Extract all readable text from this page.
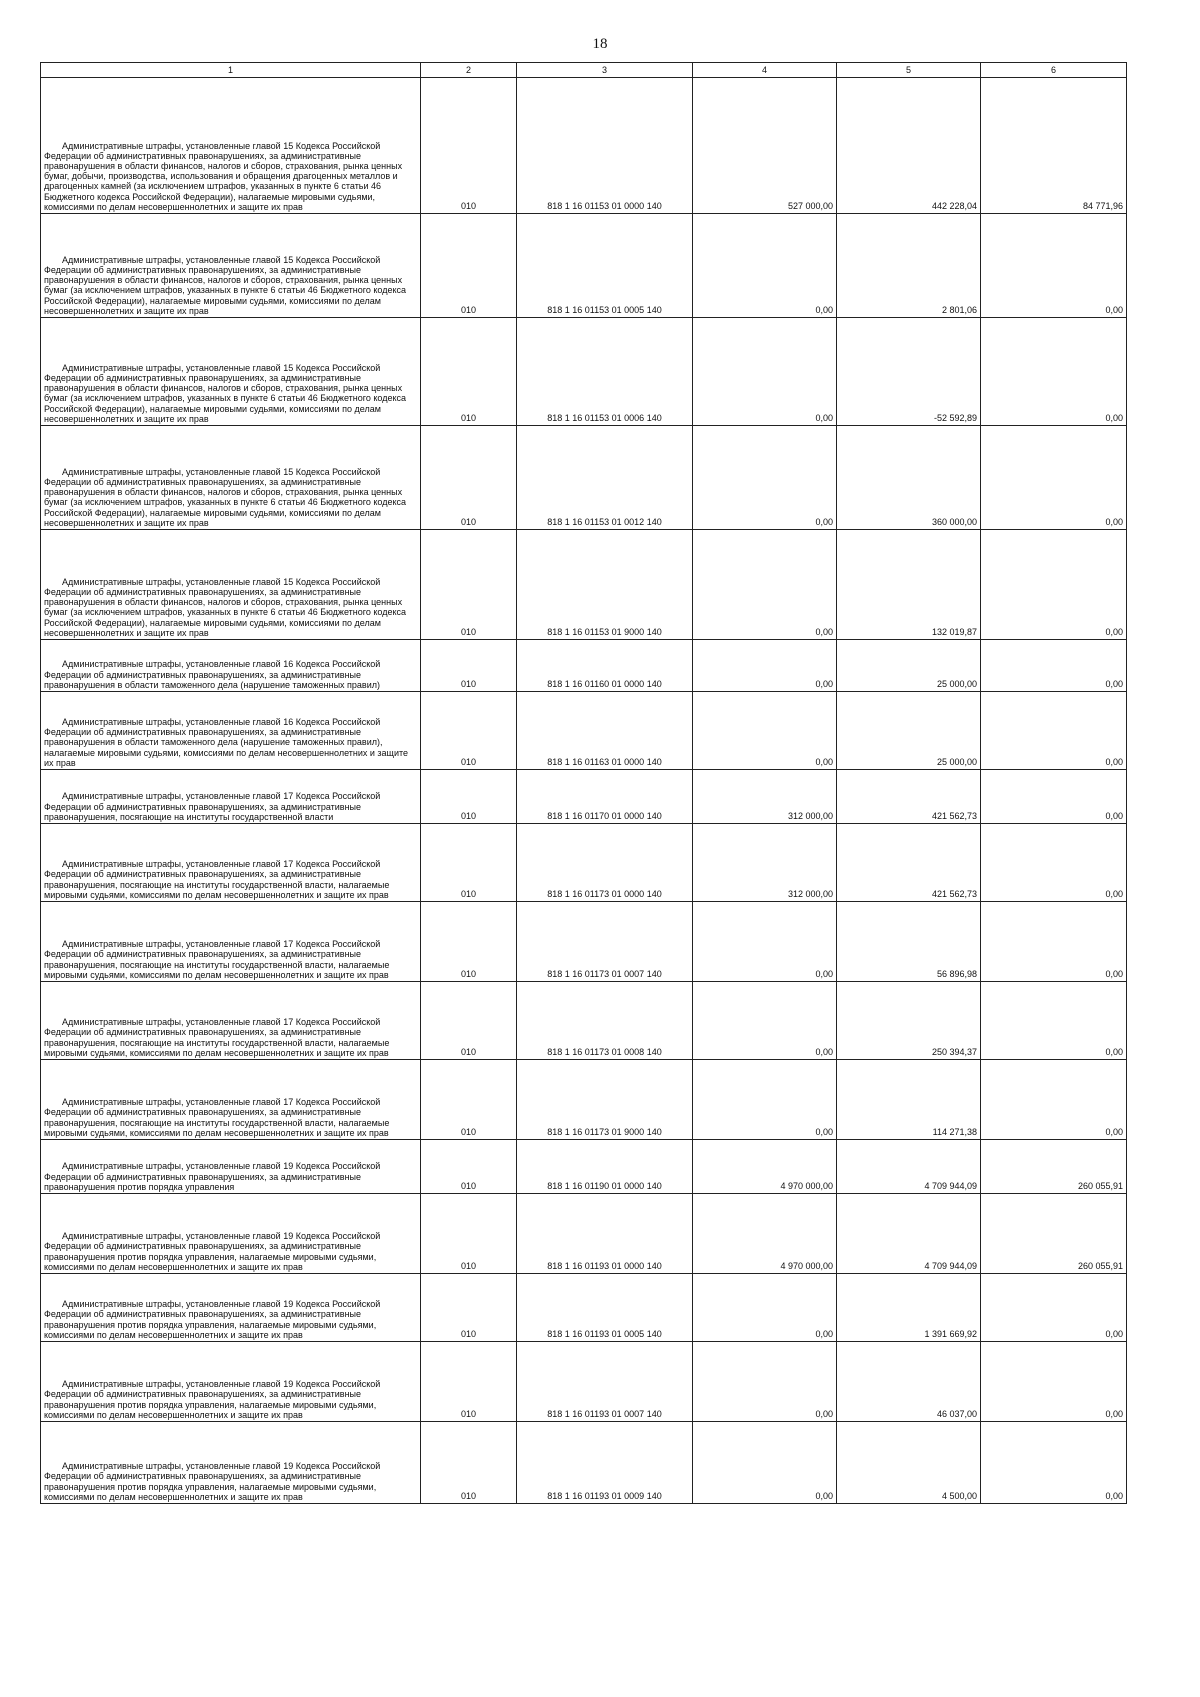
18
1	2	3	4	5	6
Административные штрафы, установленные главой 15 Кодекса Российской Федерации об административных правонарушениях, за административные правонарушения в области финансов, налогов и сборов, страхования, рынка ценных бумаг, добычи, производства, использования и обращения драгоценных металлов и драгоценных камней (за исключением штрафов, указанных в пункте 6 статьи 46 Бюджетного кодекса Российской Федерации), налагаемые мировыми судьями, комиссиями по делам несовершеннолетних и защите их прав	010	818 1 16 01153 01 0000 140	527 000,00	442 228,04	84 771,96
Административные штрафы, установленные главой 15 Кодекса Российской Федерации об административных правонарушениях, за административные правонарушения в области финансов, налогов и сборов, страхования, рынка ценных бумаг (за исключением штрафов, указанных в пункте 6 статьи 46 Бюджетного кодекса Российской Федерации), налагаемые мировыми судьями, комиссиями по делам несовершеннолетних и защите их прав	010	818 1 16 01153 01 0005 140	0,00	2 801,06	0,00
Административные штрафы, установленные главой 15 Кодекса Российской Федерации об административных правонарушениях, за административные правонарушения в области финансов, налогов и сборов, страхования, рынка ценных бумаг (за исключением штрафов, указанных в пункте 6 статьи 46 Бюджетного кодекса Российской Федерации), налагаемые мировыми судьями, комиссиями по делам несовершеннолетних и защите их прав	010	818 1 16 01153 01 0006 140	0,00	-52 592,89	0,00
Административные штрафы, установленные главой 15 Кодекса Российской Федерации об административных правонарушениях, за административные правонарушения в области финансов, налогов и сборов, страхования, рынка ценных бумаг (за исключением штрафов, указанных в пункте 6 статьи 46 Бюджетного кодекса Российской Федерации), налагаемые мировыми судьями, комиссиями по делам несовершеннолетних и защите их прав	010	818 1 16 01153 01 0012 140	0,00	360 000,00	0,00
Административные штрафы, установленные главой 15 Кодекса Российской Федерации об административных правонарушениях, за административные правонарушения в области финансов, налогов и сборов, страхования, рынка ценных бумаг (за исключением штрафов, указанных в пункте 6 статьи 46 Бюджетного кодекса Российской Федерации), налагаемые мировыми судьями, комиссиями по делам несовершеннолетних и защите их прав	010	818 1 16 01153 01 9000 140	0,00	132 019,87	0,00
Административные штрафы, установленные главой 16 Кодекса Российской Федерации об административных правонарушениях, за административные правонарушения в области таможенного дела (нарушение таможенных правил)	010	818 1 16 01160 01 0000 140	0,00	25 000,00	0,00
Административные штрафы, установленные главой 16 Кодекса Российской Федерации об административных правонарушениях, за административные правонарушения в области таможенного дела (нарушение таможенных правил), налагаемые мировыми судьями, комиссиями по делам несовершеннолетних и защите их прав	010	818 1 16 01163 01 0000 140	0,00	25 000,00	0,00
Административные штрафы, установленные главой 17 Кодекса Российской Федерации об административных правонарушениях, за административные правонарушения, посягающие на институты государственной власти	010	818 1 16 01170 01 0000 140	312 000,00	421 562,73	0,00
Административные штрафы, установленные главой 17 Кодекса Российской Федерации об административных правонарушениях, за административные правонарушения, посягающие на институты государственной власти, налагаемые мировыми судьями, комиссиями по делам несовершеннолетних и защите их прав	010	818 1 16 01173 01 0000 140	312 000,00	421 562,73	0,00
Административные штрафы, установленные главой 17 Кодекса Российской Федерации об административных правонарушениях, за административные правонарушения, посягающие на институты государственной власти, налагаемые мировыми судьями, комиссиями по делам несовершеннолетних и защите их прав	010	818 1 16 01173 01 0007 140	0,00	56 896,98	0,00
Административные штрафы, установленные главой 17 Кодекса Российской Федерации об административных правонарушениях, за административные правонарушения, посягающие на институты государственной власти, налагаемые мировыми судьями, комиссиями по делам несовершеннолетних и защите их прав	010	818 1 16 01173 01 0008 140	0,00	250 394,37	0,00
Административные штрафы, установленные главой 17 Кодекса Российской Федерации об административных правонарушениях, за административные правонарушения, посягающие на институты государственной власти, налагаемые мировыми судьями, комиссиями по делам несовершеннолетних и защите их прав	010	818 1 16 01173 01 9000 140	0,00	114 271,38	0,00
Административные штрафы, установленные главой 19 Кодекса Российской Федерации об административных правонарушениях, за административные правонарушения против порядка управления	010	818 1 16 01190 01 0000 140	4 970 000,00	4 709 944,09	260 055,91
Административные штрафы, установленные главой 19 Кодекса Российской Федерации об административных правонарушениях, за административные правонарушения против порядка управления, налагаемые мировыми судьями, комиссиями по делам несовершеннолетних и защите их прав	010	818 1 16 01193 01 0000 140	4 970 000,00	4 709 944,09	260 055,91
Административные штрафы, установленные главой 19 Кодекса Российской Федерации об административных правонарушениях, за административные правонарушения против порядка управления, налагаемые мировыми судьями, комиссиями по делам несовершеннолетних и защите их прав	010	818 1 16 01193 01 0005 140	0,00	1 391 669,92	0,00
Административные штрафы, установленные главой 19 Кодекса Российской Федерации об административных правонарушениях, за административные правонарушения против порядка управления, налагаемые мировыми судьями, комиссиями по делам несовершеннолетних и защите их прав	010	818 1 16 01193 01 0007 140	0,00	46 037,00	0,00
Административные штрафы, установленные главой 19 Кодекса Российской Федерации об административных правонарушениях, за административные правонарушения против порядка управления, налагаемые мировыми судьями, комиссиями по делам несовершеннолетних и защите их прав	010	818 1 16 01193 01 0009 140	0,00	4 500,00	0,00
